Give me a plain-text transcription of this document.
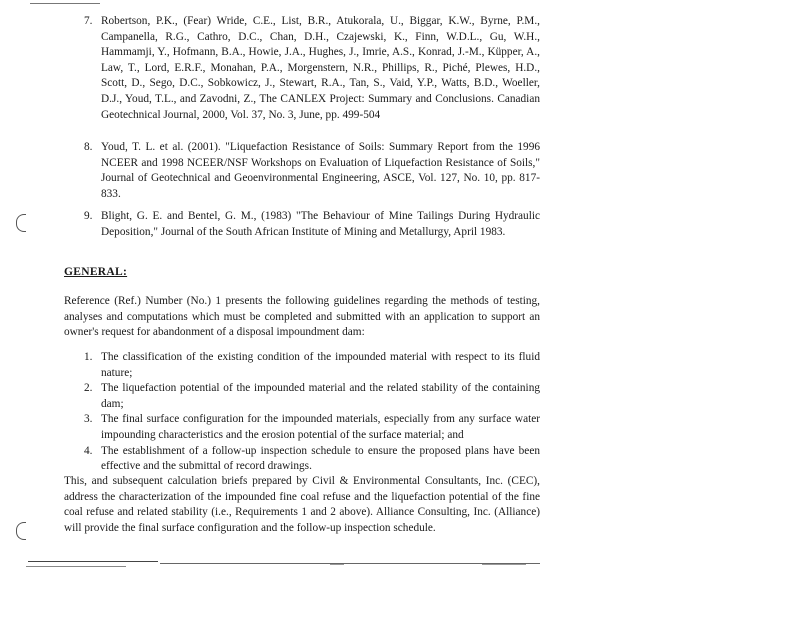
7. Robertson, P.K., (Fear) Wride, C.E., List, B.R., Atukorala, U., Biggar, K.W., Byrne, P.M., Campanella, R.G., Cathro, D.C., Chan, D.H., Czajewski, K., Finn, W.D.L., Gu, W.H., Hammamji, Y., Hofmann, B.A., Howie, J.A., Hughes, J., Imrie, A.S., Konrad, J.-M., Küpper, A., Law, T., Lord, E.R.F., Monahan, P.A., Morgenstern, N.R., Phillips, R., Piché, Plewes, H.D., Scott, D., Sego, D.C., Sobkowicz, J., Stewart, R.A., Tan, S., Vaid, Y.P., Watts, B.D., Woeller, D.J., Youd, T.L., and Zavodni, Z., The CANLEX Project: Summary and Conclusions. Canadian Geotechnical Journal, 2000, Vol. 37, No. 3, June, pp. 499-504
8. Youd, T. L. et al. (2001). "Liquefaction Resistance of Soils: Summary Report from the 1996 NCEER and 1998 NCEER/NSF Workshops on Evaluation of Liquefaction Resistance of Soils," Journal of Geotechnical and Geoenvironmental Engineering, ASCE, Vol. 127, No. 10, pp. 817-833.
9. Blight, G. E. and Bentel, G. M., (1983) "The Behaviour of Mine Tailings During Hydraulic Deposition," Journal of the South African Institute of Mining and Metallurgy, April 1983.
GENERAL:
Reference (Ref.) Number (No.) 1 presents the following guidelines regarding the methods of testing, analyses and computations which must be completed and submitted with an application to support an owner's request for abandonment of a disposal impoundment dam:
1. The classification of the existing condition of the impounded material with respect to its fluid nature;
2. The liquefaction potential of the impounded material and the related stability of the containing dam;
3. The final surface configuration for the impounded materials, especially from any surface water impounding characteristics and the erosion potential of the surface material; and
4. The establishment of a follow-up inspection schedule to ensure the proposed plans have been effective and the submittal of record drawings.
This, and subsequent calculation briefs prepared by Civil & Environmental Consultants, Inc. (CEC), address the characterization of the impounded fine coal refuse and the liquefaction potential of the fine coal refuse and related stability (i.e., Requirements 1 and 2 above). Alliance Consulting, Inc. (Alliance) will provide the final surface configuration and the follow-up inspection schedule.
